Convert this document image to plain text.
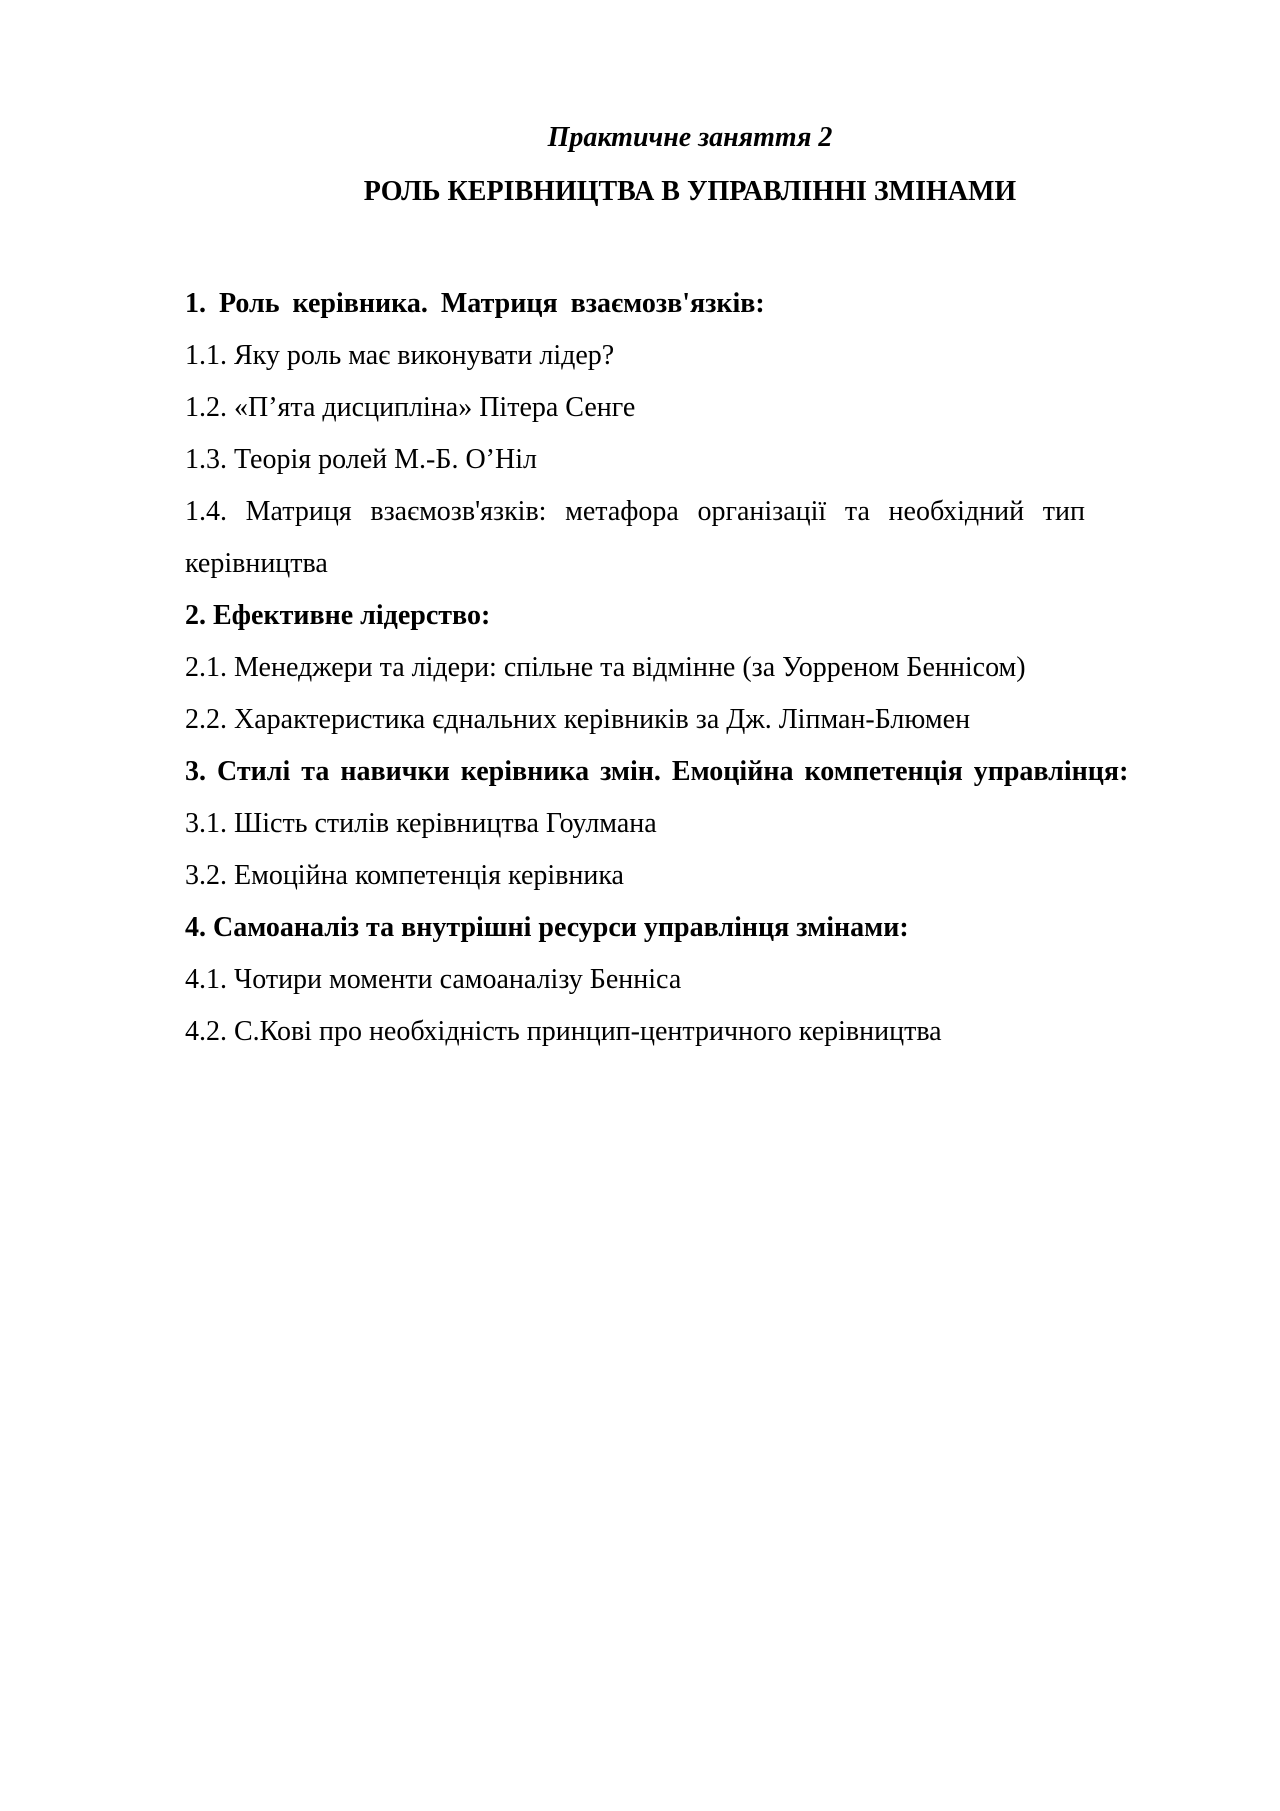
Практичне заняття 2
РОЛЬ КЕРІВНИЦТВА В УПРАВЛІННІ ЗМІНАМИ
1. Роль керівника. Матриця взаємозв'язків:
1.1. Яку роль має виконувати лідер?
1.2. «П’ята дисципліна» Пітера Сенге
1.3. Теорія ролей М.-Б. О’Ніл
1.4. Матриця взаємозв'язків: метафора організації та необхідний тип керівництва
2. Ефективне лідерство:
2.1. Менеджери та лідери: спільне та відмінне (за Уорреном Беннісом)
2.2. Характеристика єднальних керівників за Дж. Ліпман-Блюмен
3. Стилі та навички керівника змін. Емоційна компетенція управлінця:
3.1. Шість стилів керівництва Гоулмана
3.2. Емоційна компетенція керівника
4. Самоаналіз та внутрішні ресурси управлінця змінами:
4.1. Чотири моменти самоаналізу Бенніса
4.2. С.Кові про необхідність принцип-центричного керівництва
